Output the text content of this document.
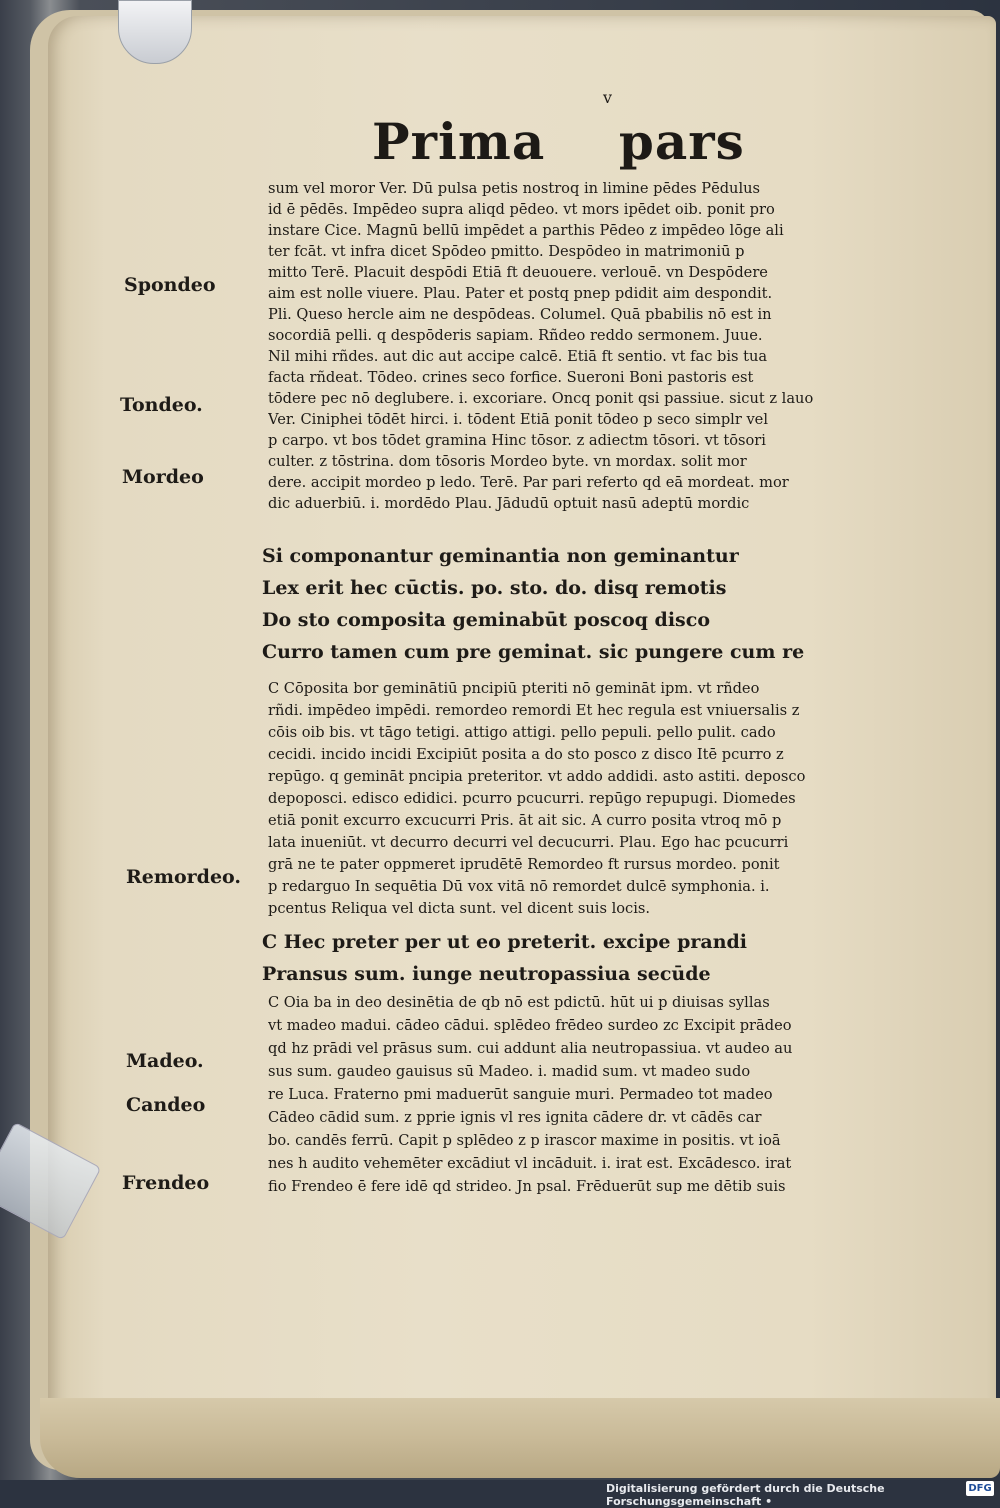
v
Prima    pars
Spondeo
Tondeo.
Mordeo
Remordeo.
Madeo.
Candeo
Frendeo
sum vel moror Ver. Dū pulsa petis nostroq in limine pēdes Pēdulus
id ē pēdēs. Impēdeo supra aliqd pēdeo. vt mors ipēdet oib. ponit pro
instare Cice. Magnū bellū impēdet a parthis Pēdeo z impēdeo lōge ali
ter fcāt. vt infra dicet Spōdeo pmitto. Despōdeo in matrimoniū p
mitto Terē. Placuit despōdi Etiā ft deuouere. verlouē. vn Despōdere
aim est nolle viuere. Plau. Pater et postq pnep pdidit aim despondit.
Pli. Queso hercle aim ne despōdeas. Columel. Quā pbabilis nō est in
socordiā pelli. q despōderis sapiam. Rñdeo reddo sermonem. Juue.
Nil mihi rñdes. aut dic aut accipe calcē. Etiā ft sentio. vt fac bis tua
facta rñdeat. Tōdeo. crines seco forfice. Sueroni Boni pastoris est
tōdere pec nō deglubere. i. excoriare. Oncq ponit qsi passiue. sicut z lauo
Ver. Ciniphei tōdēt hirci. i. tōdent Etiā ponit tōdeo p seco simplr vel
p carpo. vt bos tōdet gramina Hinc tōsor. z adiectm tōsori. vt tōsori
culter. z tōstrina. dom tōsoris Mordeo byte. vn mordax. solit mor
dere. accipit mordeo p ledo. Terē. Par pari referto qd eā mordeat. mor
dic aduerbiū. i. mordēdo Plau. Jādudū optuit nasū adeptū mordic
Si componantur geminantia non geminantur
Lex erit hec cūctis. po. sto. do. disq remotis
Do sto composita geminabūt poscoq disco
Curro tamen cum pre geminat. sic pungere cum re
C Cōposita bor geminātiū pncipiū pteriti nō gemināt ipm. vt rñdeo
rñdi. impēdeo impēdi. remordeo remordi Et hec regula est vniuersalis z
cōis oib bis. vt tāgo tetigi. attigo attigi. pello pepuli. pello pulit. cado
cecidi. incido incidi Excipiūt posita a do sto posco z disco Itē pcurro z
repūgo. q gemināt pncipia preteritor. vt addo addidi. asto astiti. deposco
depoposci. edisco edidici. pcurro pcucurri. repūgo repupugi. Diomedes
etiā ponit excurro excucurri Pris. āt ait sic. A curro posita vtroq mō p
lata inueniūt. vt decurro decurri vel decucurri. Plau. Ego hac pcucurri
grā ne te pater oppmeret iprudētē Remordeo ft rursus mordeo. ponit
p redarguo In sequētia Dū vox vitā nō remordet dulcē symphonia. i.
pcentus Reliqua vel dicta sunt. vel dicent suis locis.
C Hec preter per ut eo preterit. excipe prandi
Pransus sum. iunge neutropassiua secūde
C Oia ba in deo desinētia de qb nō est pdictū. hūt ui p diuisas syllas
vt madeo madui. cādeo cādui. splēdeo frēdeo surdeo zc Excipit prādeo
qd hz prādi vel prāsus sum. cui addunt alia neutropassiua. vt audeo au
sus sum. gaudeo gauisus sū Madeo. i. madid sum. vt madeo sudo
re Luca. Fraterno pmi maduerūt sanguie muri. Permadeo tot madeo
Cādeo cādid sum. z pprie ignis vl res ignita cādere dr. vt cādēs car
bo. candēs ferrū. Capit p splēdeo z p irascor maxime in positis. vt ioā
nes h audito vehemēter excādiut vl incāduit. i. irat est. Excādesco. irat
fio Frendeo ē fere idē qd strideo. Jn psal. Frēduerūt sup me dētib suis
Digitalisierung gefördert durch die Deutsche Forschungsgemeinschaft •
DFG
